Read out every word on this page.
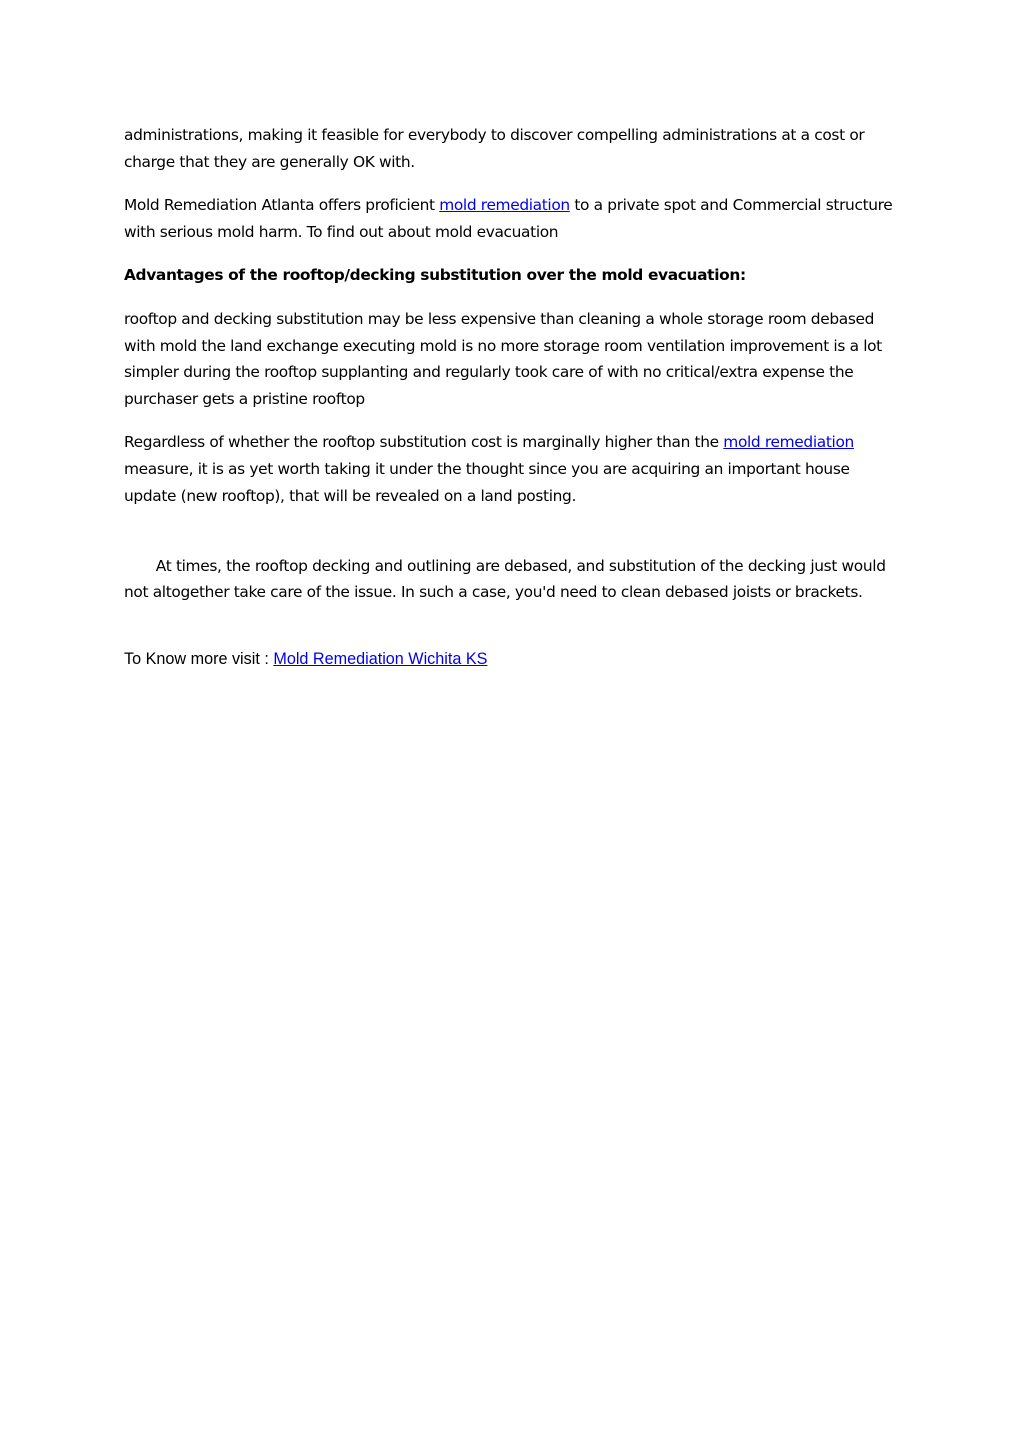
administrations, making it feasible for everybody to discover compelling administrations at a cost or charge that they are generally OK with.

Mold Remediation Atlanta offers proficient mold remediation to a private spot and Commercial structure with serious mold harm. To find out about mold evacuation

Advantages of the rooftop/decking substitution over the mold evacuation:

rooftop and decking substitution may be less expensive than cleaning a whole storage room debased with mold the land exchange executing mold is no more storage room ventilation improvement is a lot simpler during the rooftop supplanting and regularly took care of with no critical/extra expense the purchaser gets a pristine rooftop

Regardless of whether the rooftop substitution cost is marginally higher than the mold remediation measure, it is as yet worth taking it under the thought since you are acquiring an important house update (new rooftop), that will be revealed on a land posting.

At times, the rooftop decking and outlining are debased, and substitution of the decking just would not altogether take care of the issue. In such a case, you'd need to clean debased joists or brackets.

To Know more visit : Mold Remediation Wichita KS
